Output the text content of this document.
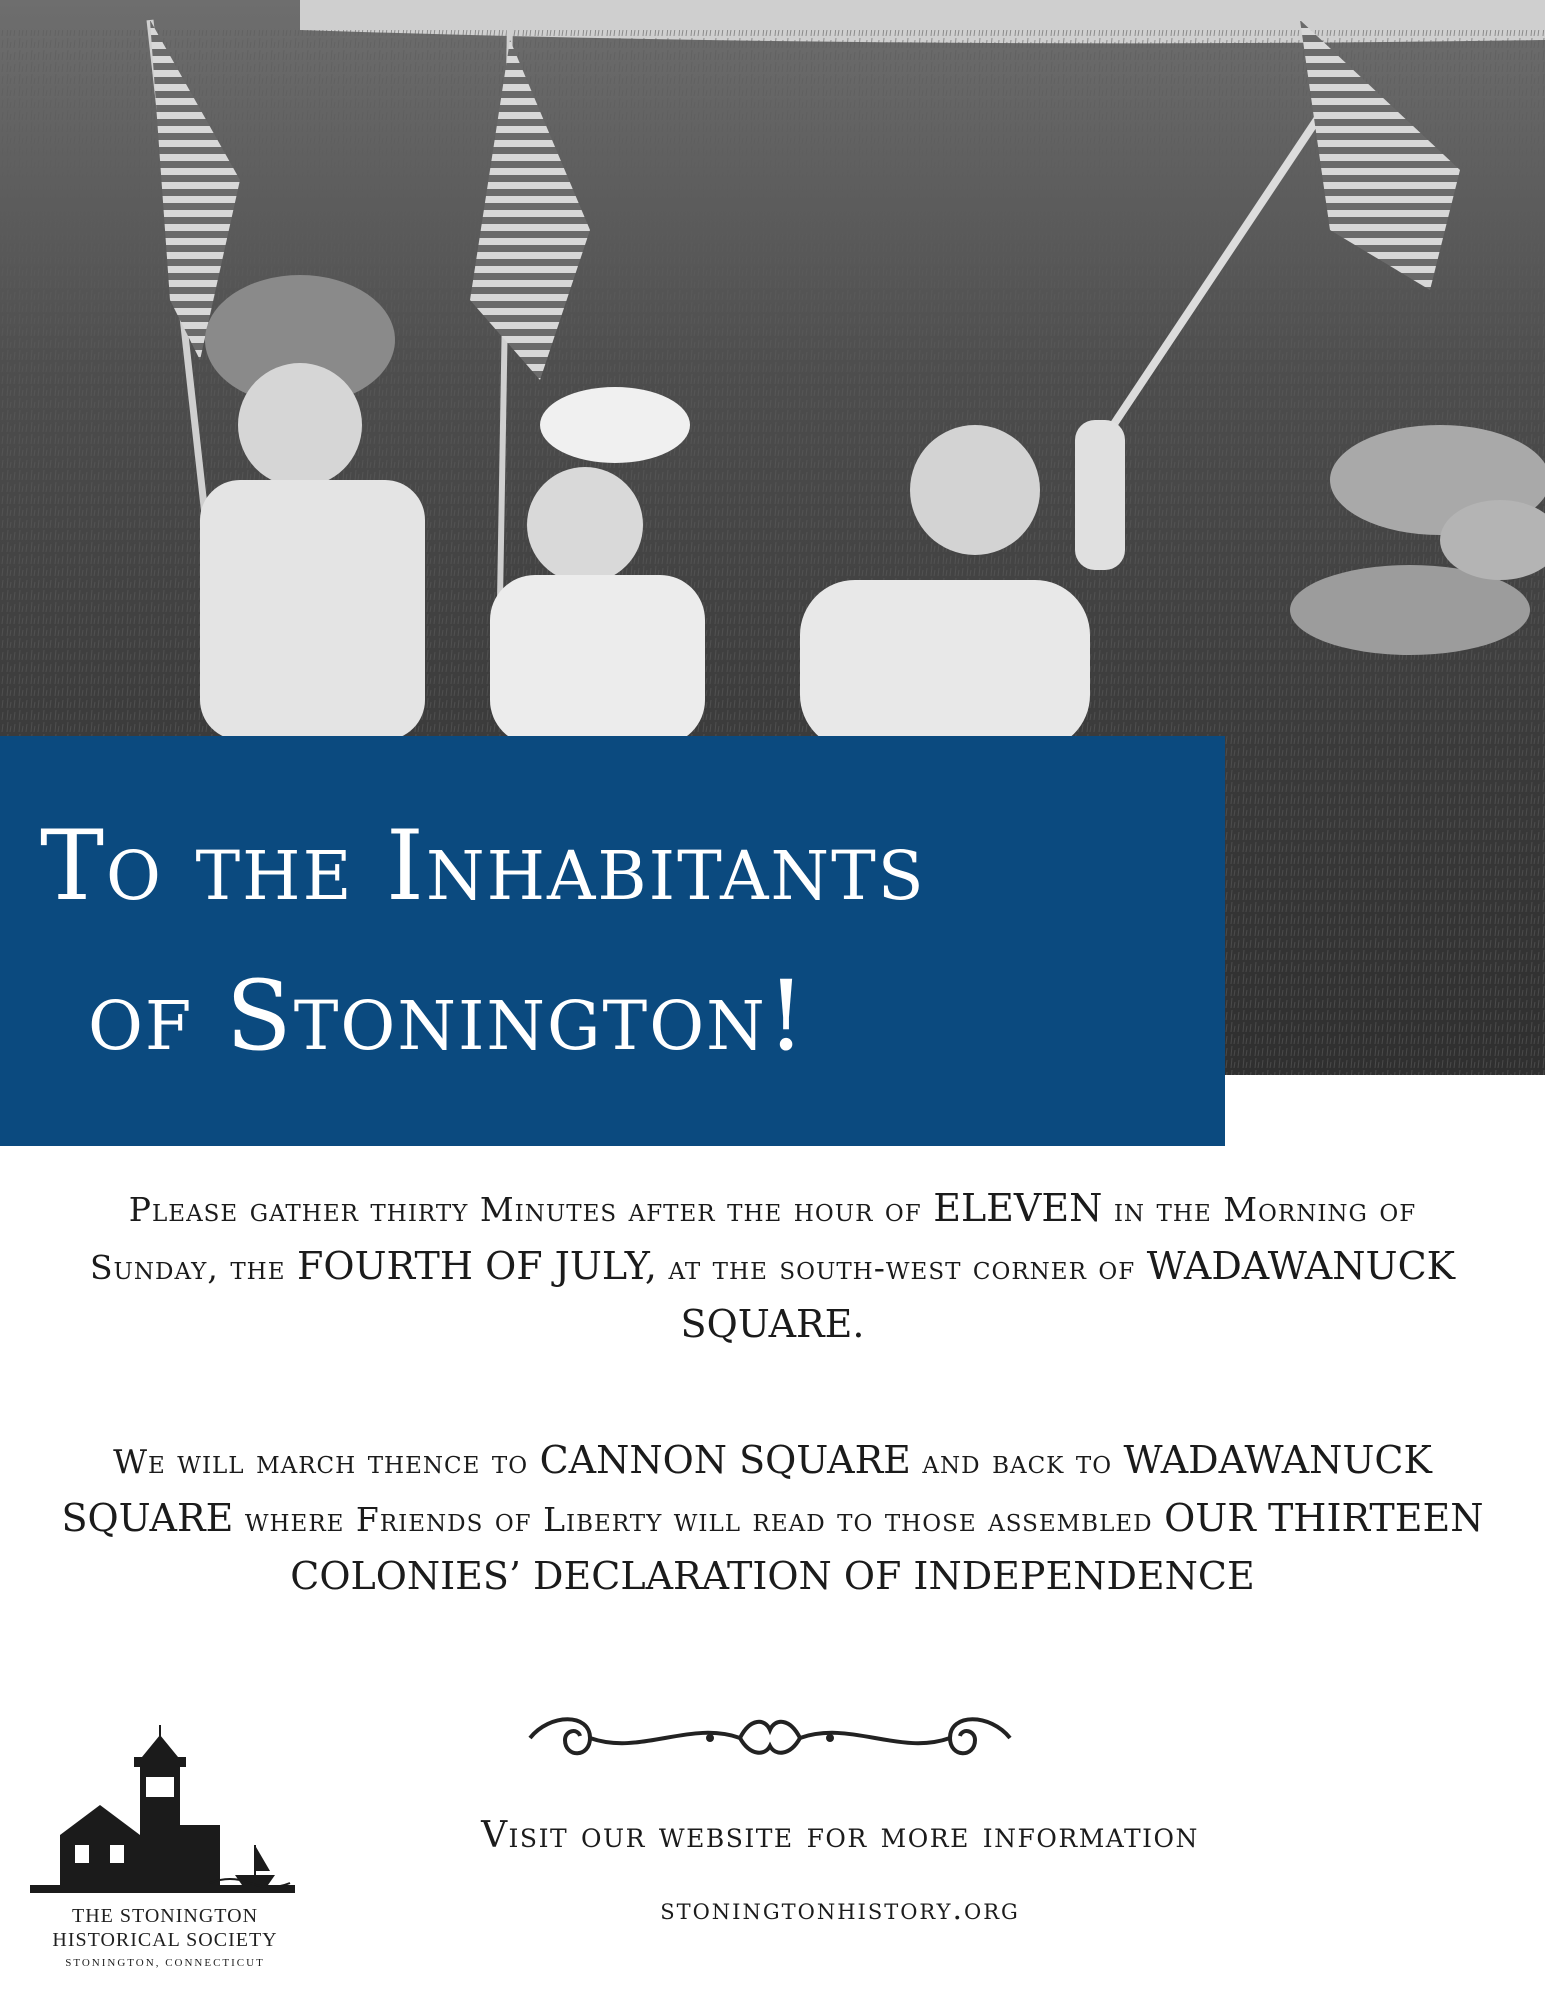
To the Inhabitants
of Stonington!
Please gather thirty Minutes after the hour of ELEVEN in the Morning of Sunday, the FOURTH OF JULY, at the south-west corner of WADAWANUCK SQUARE.
We will march thence to CANNON SQUARE and back to WADAWANUCK SQUARE where Friends of Liberty will read to those assembled OUR THIRTEEN COLONIES’ DECLARATION OF INDEPENDENCE
THE STONINGTON
HISTORICAL SOCIETY
STONINGTON, CONNECTICUT
Visit our website for more information
stoningtonhistory.org
